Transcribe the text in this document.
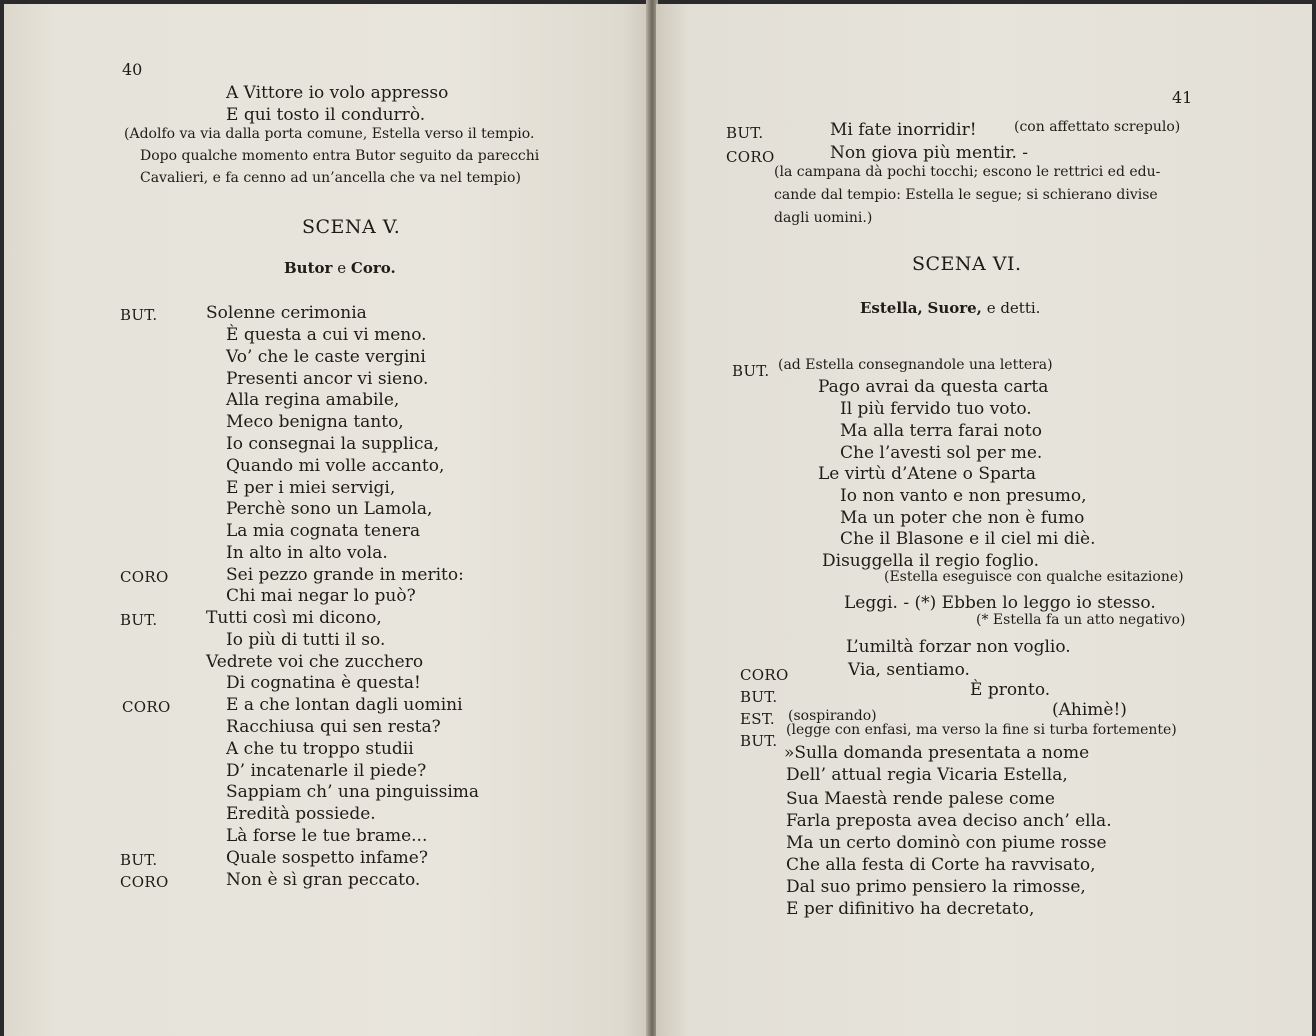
40
A Vittore io volo appresso
E qui tosto il condurrò.
(Adolfo va via dalla porta comune, Estella verso il tempio.
Dopo qualche momento entra Butor seguito da parecchi
Cavalieri, e fa cenno ad un’ancella che va nel tempio)
SCENA V.
Butor e Coro.
BUT.	Solenne cerimonia
È questa a cui vi meno.
Vo’ che le caste vergini
Presenti ancor vi sieno.
Alla regina amabile,
Meco benigna tanto,
Io consegnai la supplica,
Quando mi volle accanto,
E per i miei servigi,
Perchè sono un Lamola,
La mia cognata tenera
In alto in alto vola.
CORO	Sei pezzo grande in merito:
Chi mai negar lo può?
BUT.	Tutti così mi dicono,
Io più di tutti il so.
Vedrete voi che zucchero
Di cognatina è questa!
CORO	E a che lontan dagli uomini
Racchiusa qui sen resta?
A che tu troppo studii
D’ incatenarle il piede?
Sappiam ch’ una pinguissima
Eredità possiede.
Là forse le tue brame...
BUT.	Quale sospetto infame?
CORO	Non è sì gran peccato.
41
BUT.	Mi fate inorridir!	(con affettato screpulo)
CORO	Non giova più mentir. -
(la campana dà pochi tocchi; escono le rettrici ed edu-
cande dal tempio: Estella le segue; si schierano divise
dagli uomini.)
SCENA VI.
Estella, Suore, e detti.
BUT. (ad Estella consegnandole una lettera)
Pago avrai da questa carta
Il più fervido tuo voto.
Ma alla terra farai noto
Che l’avesti sol per me.
Le virtù d’Atene o Sparta
Io non vanto e non presumo,
Ma un poter che non è fumo
Che il Blasone e il ciel mi diè.
Disuggella il regio foglio.
(Estella eseguisce con qualche esitazione)
Leggi. - (*) Ebben lo leggo io stesso.
(* Estella fa un atto negativo)
L’umiltà forzar non voglio.
CORO	Via, sentiamo.
BUT.	È pronto.
EST. (sospirando)	(Ahimè!)
BUT.
(legge con enfasi, ma verso la fine si turba fortemente)
»Sulla domanda presentata a nome
Dell’ attual regia Vicaria Estella,
Sua Maestà rende palese come
Farla preposta avea deciso anch’ ella.
Ma un certo dominò con piume rosse
Che alla festa di Corte ha ravvisato,
Dal suo primo pensiero la rimosse,
E per difinitivo ha decretato,
